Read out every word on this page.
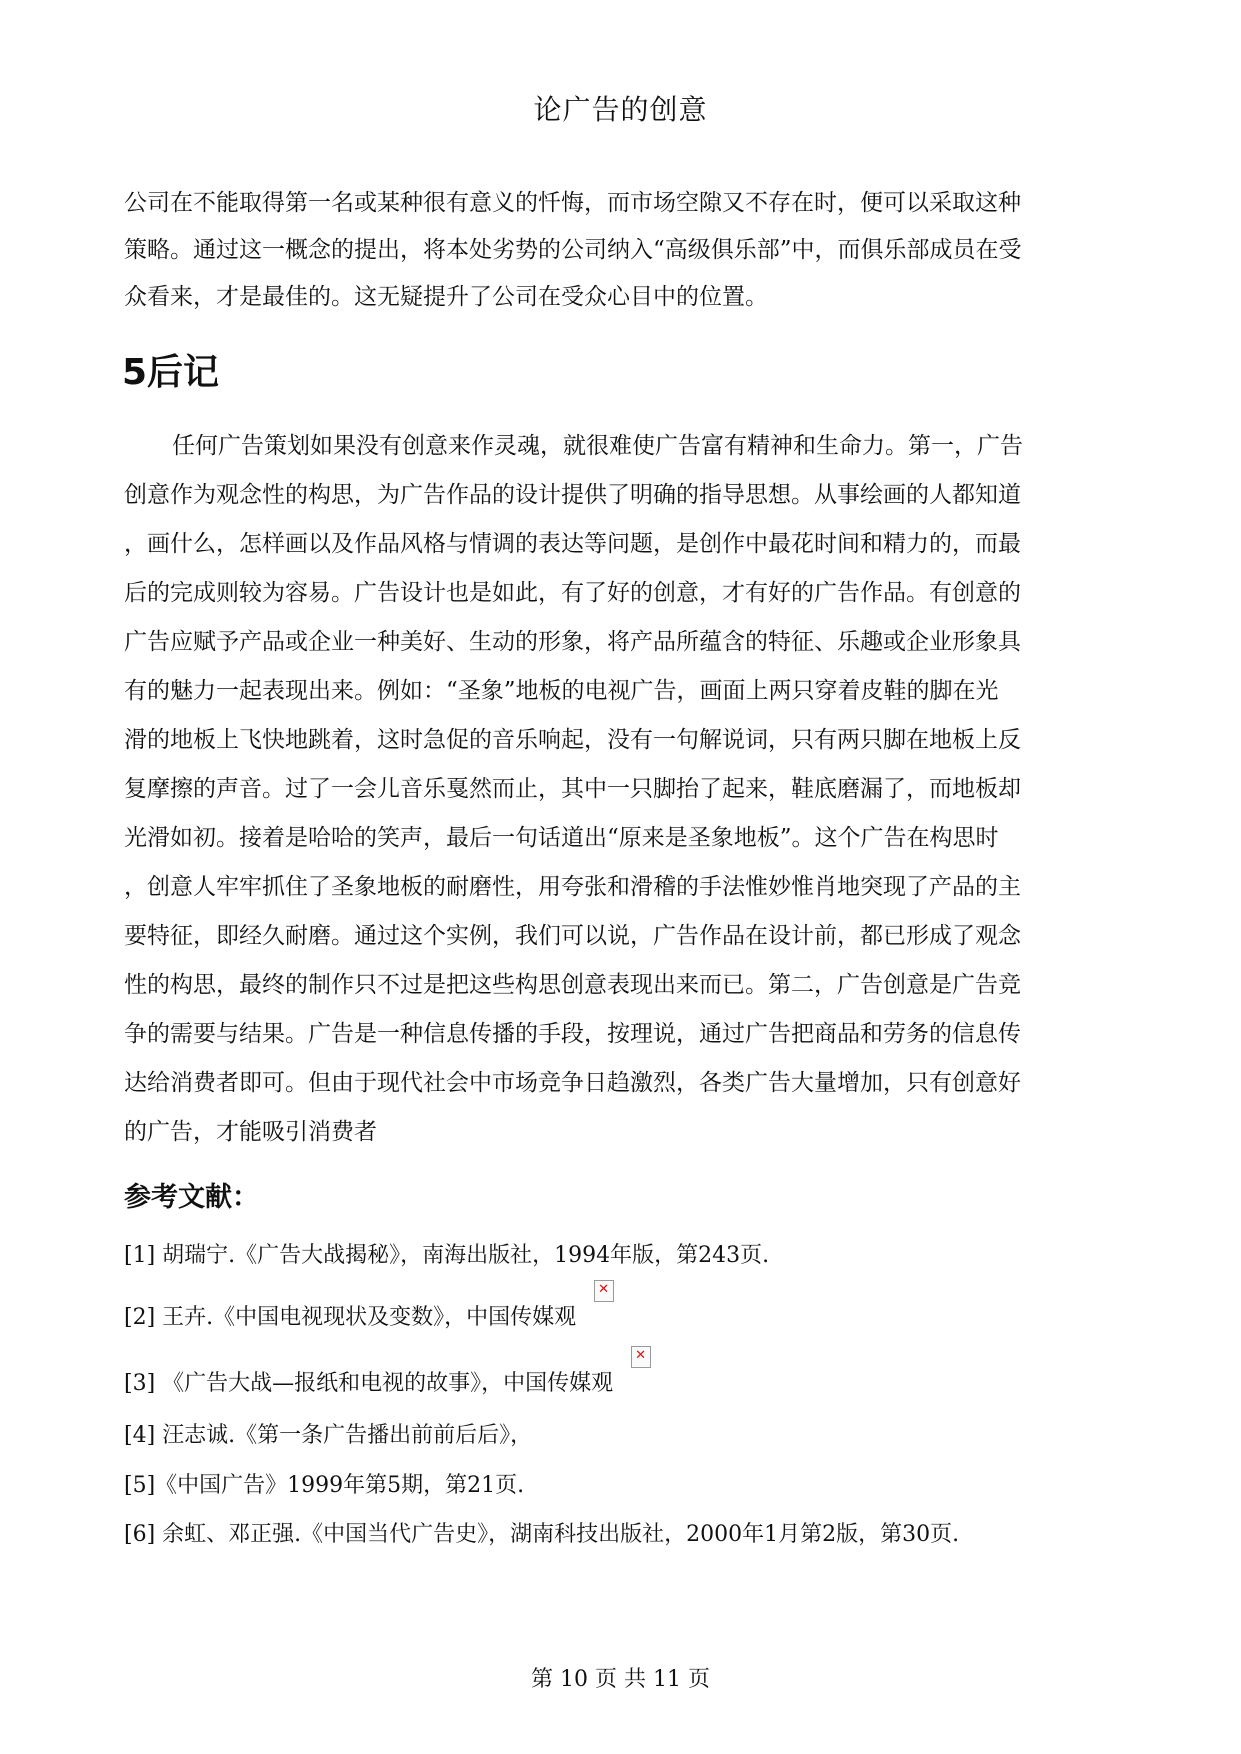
论广告的创意

公司在不能取得第一名或某种很有意义的忏悔，而市场空隙又不存在时，便可以采取这种

策略。通过这一概念的提出，将本处劣势的公司纳入“高级俱乐部”中，而俱乐部成员在受

众看来，才是最佳的。这无疑提升了公司在受众心目中的位置。

5后记

任何广告策划如果没有创意来作灵魂，就很难使广告富有精神和生命力。第一，广告

创意作为观念性的构思，为广告作品的设计提供了明确的指导思想。从事绘画的人都知道

，画什么，怎样画以及作品风格与情调的表达等问题，是创作中最花时间和精力的，而最

后的完成则较为容易。广告设计也是如此，有了好的创意，才有好的广告作品。有创意的

广告应赋予产品或企业一种美好、生动的形象，将产品所蕴含的特征、乐趣或企业形象具

有的魅力一起表现出来。例如：“圣象”地板的电视广告，画面上两只穿着皮鞋的脚在光

滑的地板上飞快地跳着，这时急促的音乐响起，没有一句解说词，只有两只脚在地板上反

复摩擦的声音。过了一会儿音乐戛然而止，其中一只脚抬了起来，鞋底磨漏了，而地板却

光滑如初。接着是哈哈的笑声，最后一句话道出“原来是圣象地板”。这个广告在构思时

，创意人牢牢抓住了圣象地板的耐磨性，用夸张和滑稽的手法惟妙惟肖地突现了产品的主

要特征，即经久耐磨。通过这个实例，我们可以说，广告作品在设计前，都已形成了观念

性的构思，最终的制作只不过是把这些构思创意表现出来而已。第二，广告创意是广告竞

争的需要与结果。广告是一种信息传播的手段，按理说，通过广告把商品和劳务的信息传

达给消费者即可。但由于现代社会中市场竞争日趋激烈，各类广告大量增加，只有创意好

的广告，才能吸引消费者

参考文献：
[1] 胡瑞宁.《广告大战揭秘》，南海出版社，1994年版，第243页.
[2] 王卉.《中国电视现状及变数》，中国传媒观✕
[3] 《广告大战—报纸和电视的故事》，中国传媒观✕
[4] 汪志诚.《第一条广告播出前前后后》，
[5]《中国广告》1999年第5期，第21页.
[6] 余虹、邓正强.《中国当代广告史》，湖南科技出版社，2000年1月第2版，第30页.
第 10 页 共 11 页
